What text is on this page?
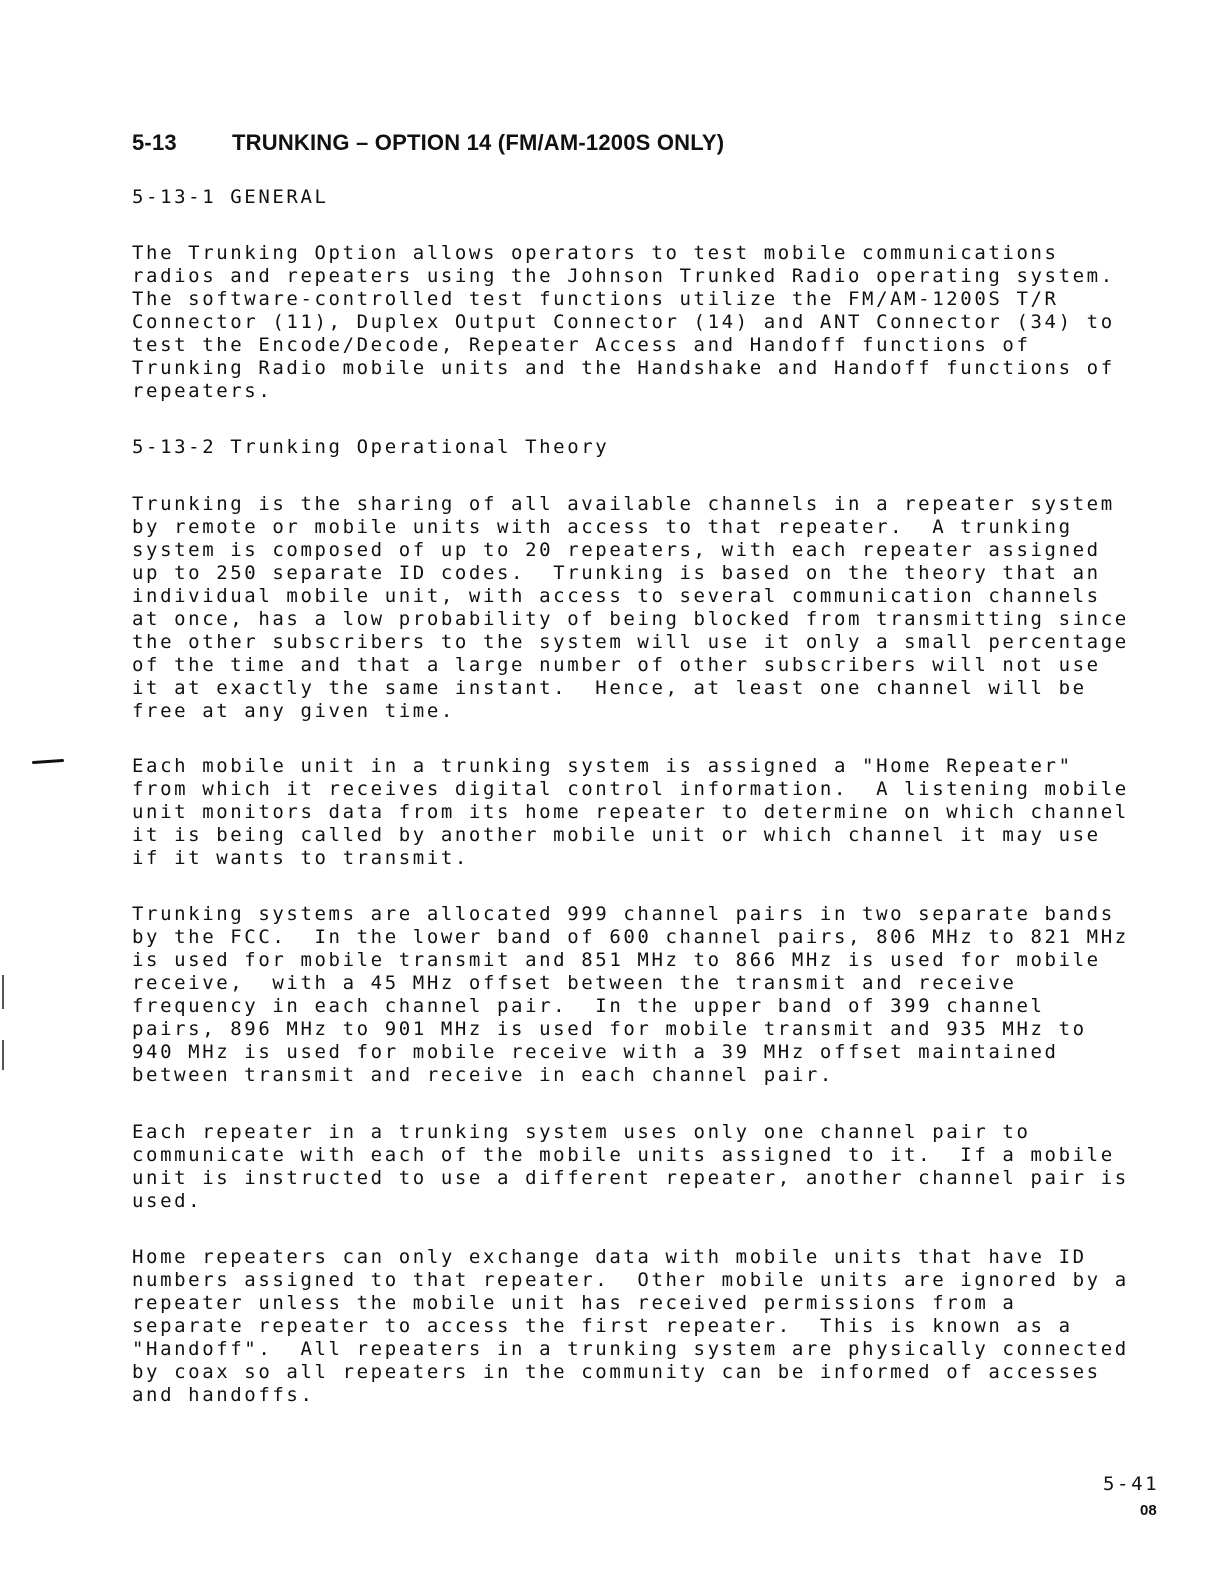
5-13	TRUNKING – OPTION 14 (FM/AM-1200S ONLY)

5-13-1 GENERAL

The Trunking Option allows operators to test mobile communications
radios and repeaters using the Johnson Trunked Radio operating system.
The software-controlled test functions utilize the FM/AM-1200S T/R
Connector (11), Duplex Output Connector (14) and ANT Connector (34) to
test the Encode/Decode, Repeater Access and Handoff functions of
Trunking Radio mobile units and the Handshake and Handoff functions of
repeaters.

5-13-2 Trunking Operational Theory

Trunking is the sharing of all available channels in a repeater system
by remote or mobile units with access to that repeater.  A trunking
system is composed of up to 20 repeaters, with each repeater assigned
up to 250 separate ID codes.  Trunking is based on the theory that an
individual mobile unit, with access to several communication channels
at once, has a low probability of being blocked from transmitting since
the other subscribers to the system will use it only a small percentage
of the time and that a large number of other subscribers will not use
it at exactly the same instant.  Hence, at least one channel will be
free at any given time.

Each mobile unit in a trunking system is assigned a "Home Repeater"
from which it receives digital control information.  A listening mobile
unit monitors data from its home repeater to determine on which channel
it is being called by another mobile unit or which channel it may use
if it wants to transmit.

Trunking systems are allocated 999 channel pairs in two separate bands
by the FCC.  In the lower band of 600 channel pairs, 806 MHz to 821 MHz
is used for mobile transmit and 851 MHz to 866 MHz is used for mobile
receive,  with a 45 MHz offset between the transmit and receive
frequency in each channel pair.  In the upper band of 399 channel
pairs, 896 MHz to 901 MHz is used for mobile transmit and 935 MHz to
940 MHz is used for mobile receive with a 39 MHz offset maintained
between transmit and receive in each channel pair.

Each repeater in a trunking system uses only one channel pair to
communicate with each of the mobile units assigned to it.  If a mobile
unit is instructed to use a different repeater, another channel pair is
used.

Home repeaters can only exchange data with mobile units that have ID
numbers assigned to that repeater.  Other mobile units are ignored by a
repeater unless the mobile unit has received permissions from a
separate repeater to access the first repeater.  This is known as a
"Handoff".  All repeaters in a trunking system are physically connected
by coax so all repeaters in the community can be informed of accesses
and handoffs.

5-41
08
